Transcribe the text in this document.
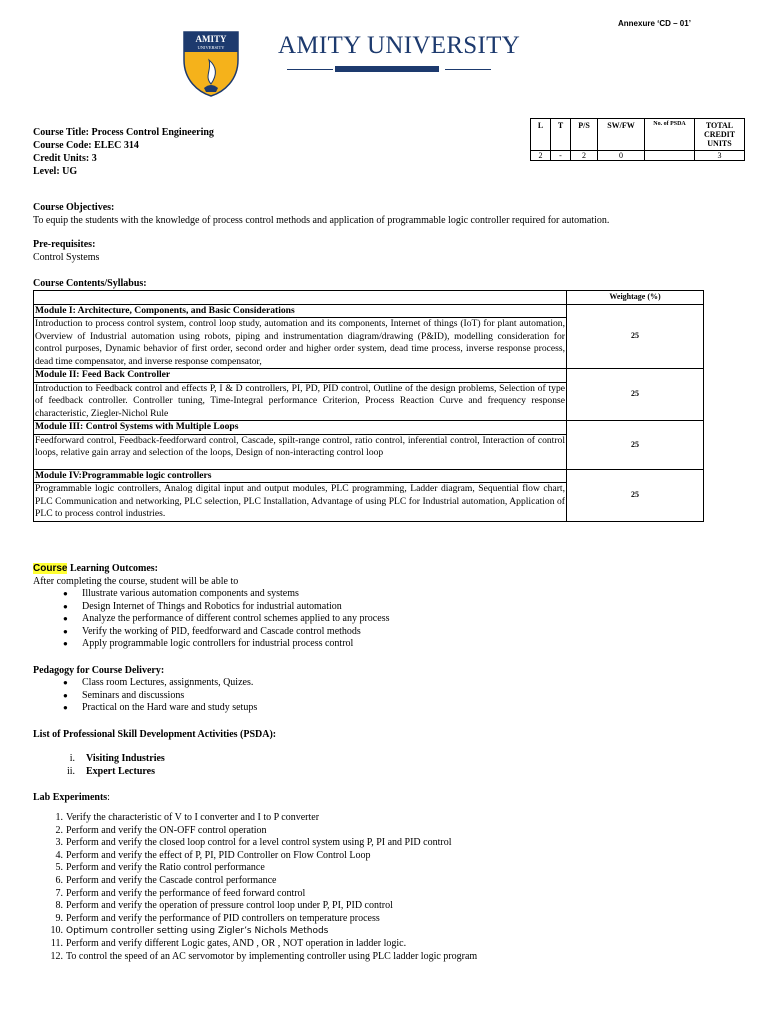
Annexure ‘CD – 01’
AMITY
UNIVERSITY AMITY UNIVERSITY
Course Title: Process Control Engineering
Course Code: ELEC 314
Credit Units: 3
Level: UG
L	T	P/S	SW/FW	No. of PSDA	TOTAL CREDIT UNITS
2	-	2	0		3
Course Objectives:
To equip the students with the knowledge of process control methods and application of programmable logic controller required for automation.
Pre-requisites:
Control Systems
Course Contents/Syllabus:
	Weightage (%)
Module I: Architecture, Components, and Basic Considerations	25
Introduction to process control system, control loop study, automation and its components, Internet of things (IoT) for plant automation, Overview of Industrial automation using robots, piping and instrumentation diagram/drawing (P&ID), modelling consideration for control purposes, Dynamic behavior of first order, second order and higher order system, dead time process, inverse response process, dead time compensator, and inverse response compensator,	
Module II: Feed Back Controller	25
Introduction to Feedback control and effects P, I & D controllers, PI, PD, PID control, Outline of the design problems, Selection of type of feedback controller. Controller tuning, Time-Integral performance Criterion, Process Reaction Curve and frequency response characteristic, Ziegler-Nichol Rule	
Module III: Control Systems with Multiple Loops	25
Feedforward control, Feedback-feedforward control, Cascade, spilt-range control, ratio control, inferential control, Interaction of control loops, relative gain array and selection of the loops, Design of non-interacting control loop	
Module IV:Programmable logic controllers	25
Programmable logic controllers, Analog digital input and output modules, PLC programming, Ladder diagram, Sequential flow chart, PLC Communication and networking, PLC selection, PLC Installation, Advantage of using PLC for Industrial automation, Application of PLC to process control industries.	
Course Learning Outcomes:
After completing the course, student will be able to
● Illustrate various automation components and systems
● Design Internet of Things and Robotics for industrial automation
● Analyze the performance of different control schemes applied to any process
● Verify the working of PID, feedforward and Cascade control methods
● Apply programmable logic controllers for industrial process control
Pedagogy for Course Delivery:
● Class room Lectures, assignments, Quizes.
● Seminars and discussions
● Practical on the Hard ware and study setups
List of Professional Skill Development Activities (PSDA):
i. Visiting Industries
ii. Expert Lectures
Lab Experiments:
1. Verify the characteristic of V to I converter and I to P converter
2. Perform and verify the ON-OFF control operation
3. Perform and verify the closed loop control for a level control system using P, PI and PID control
4. Perform and verify the effect of P, PI, PID Controller on Flow Control Loop
5. Perform and verify the Ratio control performance
6. Perform and verify the Cascade control performance
7. Perform and verify the performance of feed forward control
8. Perform and verify the operation of pressure control loop under P, PI, PID control
9. Perform and verify the performance of PID controllers on temperature process
10. Optimum controller setting using Zigler’s Nichols Methods
11. Perform and verify different Logic gates, AND , OR , NOT operation in ladder logic.
12. To control the speed of an AC servomotor by implementing controller using PLC ladder logic program
